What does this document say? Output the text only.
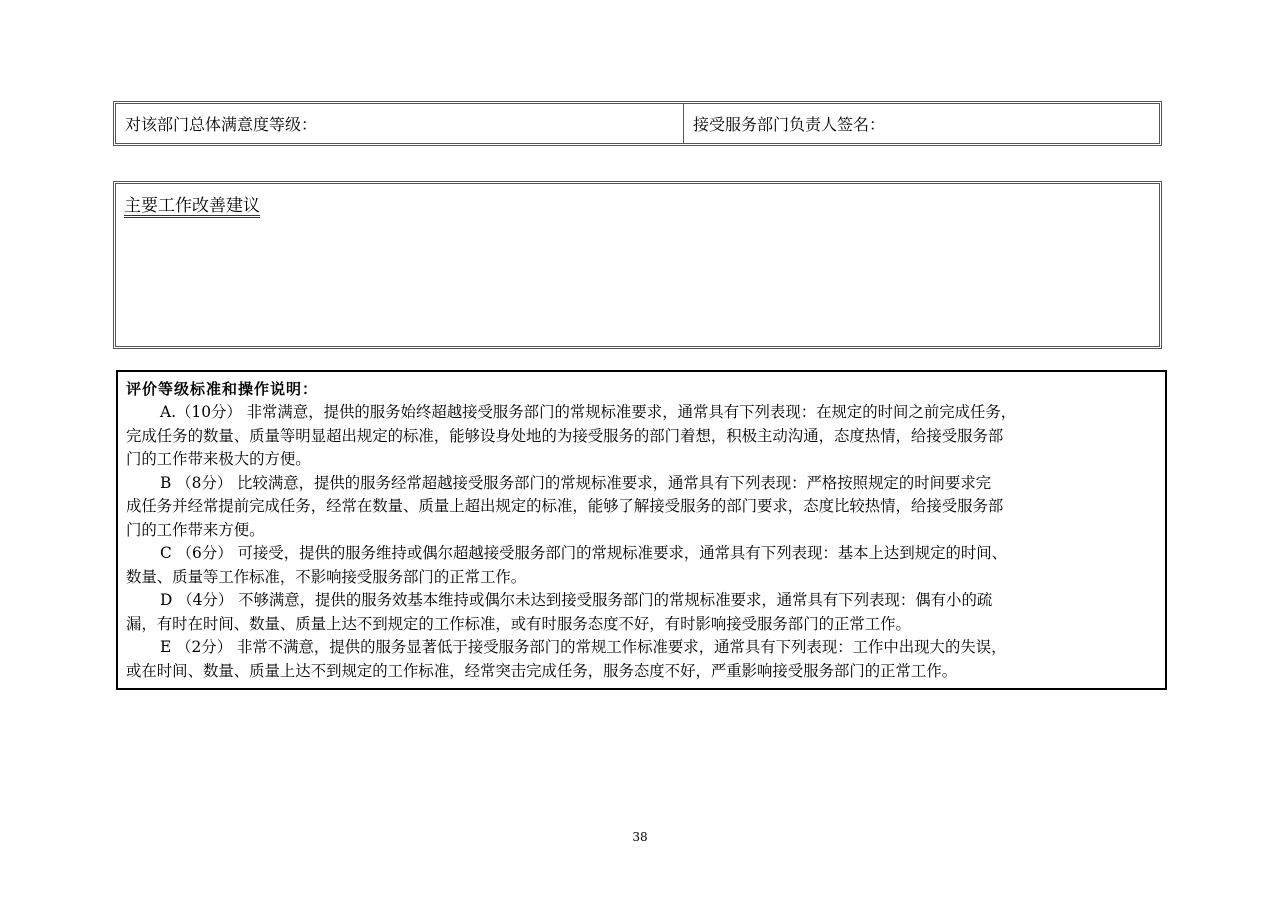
对该部门总体满意度等级：	接受服务部门负责人签名：
主要工作改善建议
评价等级标准和操作说明：
A.（10分） 非常满意，提供的服务始终超越接受服务部门的常规标准要求，通常具有下列表现：在规定的时间之前完成任务，
完成任务的数量、质量等明显超出规定的标准，能够设身处地的为接受服务的部门着想，积极主动沟通，态度热情，给接受服务部
门的工作带来极大的方便。
B （8分） 比较满意，提供的服务经常超越接受服务部门的常规标准要求，通常具有下列表现：严格按照规定的时间要求完
成任务并经常提前完成任务，经常在数量、质量上超出规定的标准，能够了解接受服务的部门要求，态度比较热情，给接受服务部
门的工作带来方便。
C （6分） 可接受，提供的服务维持或偶尔超越接受服务部门的常规标准要求，通常具有下列表现：基本上达到规定的时间、
数量、质量等工作标准，不影响接受服务部门的正常工作。
D （4分） 不够满意，提供的服务效基本维持或偶尔未达到接受服务部门的常规标准要求，通常具有下列表现：偶有小的疏
漏，有时在时间、数量、质量上达不到规定的工作标准，或有时服务态度不好，有时影响接受服务部门的正常工作。
E （2分） 非常不满意，提供的服务显著低于接受服务部门的常规工作标准要求，通常具有下列表现：工作中出现大的失误，
或在时间、数量、质量上达不到规定的工作标准，经常突击完成任务，服务态度不好，严重影响接受服务部门的正常工作。
38
